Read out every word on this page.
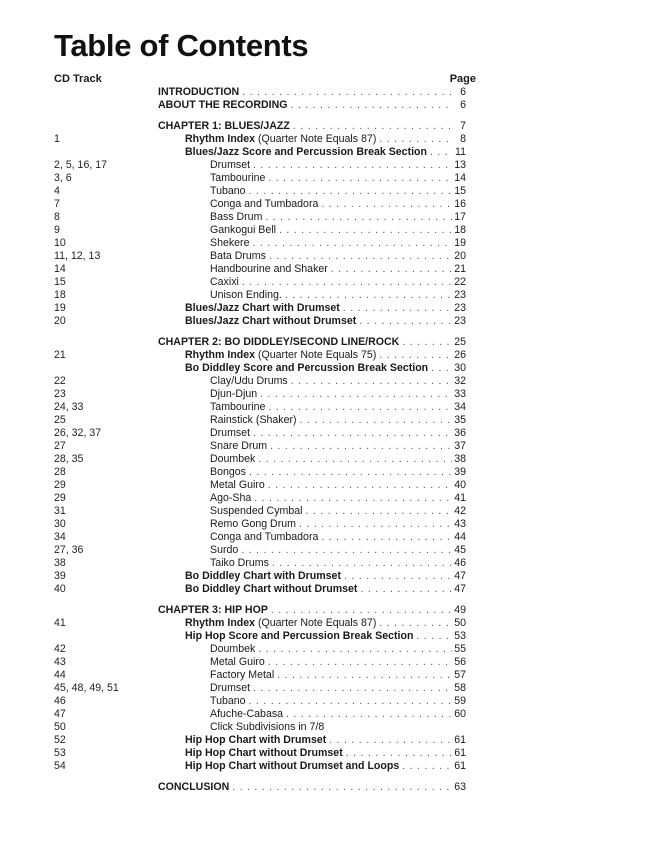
Table of Contents
CD Track	Page
INTRODUCTION . . .	6
ABOUT THE RECORDING . . .	6
CHAPTER 1: BLUES/JAZZ . . .	7
1	Rhythm Index (Quarter Note Equals 87) . . .	8
Blues/Jazz Score and Percussion Break Section . . .	11
2, 5, 16, 17	Drumset . . .	13
3, 6	Tambourine . . .	14
4	Tubano . . .	15
7	Conga and Tumbadora . . .	16
8	Bass Drum . . .	17
9	Gankogui Bell . . .	18
10	Shekere . . .	19
11, 12, 13	Bata Drums . . .	20
14	Handbourine and Shaker . . .	21
15	Caxixi . . .	22
18	Unison Ending. . . .	23
19	Blues/Jazz Chart with Drumset . . .	23
20	Blues/Jazz Chart without Drumset . . .	23
CHAPTER 2: BO DIDDLEY/SECOND LINE/ROCK . . .	25
21	Rhythm Index (Quarter Note Equals 75) . . .	26
Bo Diddley Score and Percussion Break Section . . . 30
22	Clay/Udu Drums . . .	32
23	Djun-Djun . . .	33
24, 33	Tambourine . . .	34
25	Rainstick (Shaker) . . .	35
26, 32, 37	Drumset . . .	36
27	Snare Drum . . .	37
28, 35	Doumbek . . .	38
28	Bongos . . .	39
29	Metal Guiro . . .	40
29	Ago-Sha . . .	41
31	Suspended Cymbal . . .	42
30	Remo Gong Drum . . .	43
34	Conga and Tumbadora . . .	44
27, 36	Surdo . . .	45
38	Taiko Drums . . .	46
39	Bo Diddley Chart with Drumset . . .	47
40	Bo Diddley Chart without Drumset . . .	47
CHAPTER 3: HIP HOP . . .	49
41	Rhythm Index (Quarter Note Equals 87) . . .	50
Hip Hop Score and Percussion Break Section . . .	53
42	Doumbek . . .	55
43	Metal Guiro . . .	56
44	Factory Metal . . .	57
45, 48, 49, 51	Drumset . . .	58
46	Tubano . . .	59
47	Afuche-Cabasa . . .	60
50	Click Subdivisions in 7/8
52	Hip Hop Chart with Drumset . . .	61
53	Hip Hop Chart without Drumset . . .	61
54	Hip Hop Chart without Drumset and Loops . . .	61
CONCLUSION . . .	63
